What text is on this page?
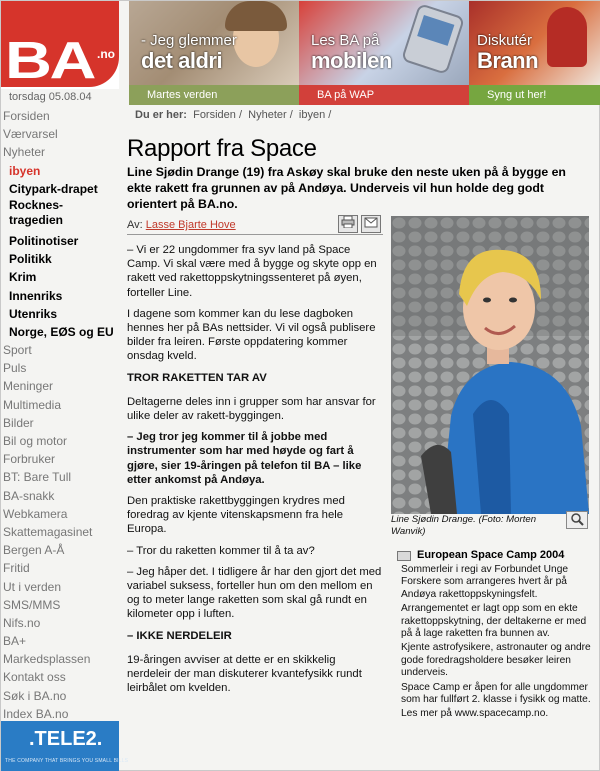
BA .no
torsdag 05.08.04
- Jeg glemmer
det aldri
Martes verden
Les BA på
mobilen
BA på WAP
Diskutér
Brann
Syng ut her!
Forsiden
Værvarsel
Nyheter
ibyen
Citypark-drapet
Rocknes-tragedien
Politinotiser
Politikk
Krim
Innenriks
Utenriks
Norge, EØS og EU
Sport
Puls
Meninger
Multimedia
Bilder
Bil og motor
Forbruker
BT: Bare Tull
BA-snakk
Webkamera
Skattemagasinet
Bergen A-Å
Fritid
Ut i verden
SMS/MMS
Nifs.no
BA+
Markedsplassen
Kontakt oss
Søk i BA.no
Index BA.no
.TELE2.
THE COMPANY THAT BRINGS YOU SMALL BILLS
Du er her: Forsiden / Nyheter / ibyen /
Rapport fra Space
Line Sjødin Drange (19) fra Askøy skal bruke den neste uken på å bygge en ekte rakett fra grunnen av på Andøya. Underveis vil hun holde deg godt orientert på BA.no.
Av: Lasse Bjarte Hove

– Vi er 22 ungdommer fra syv land på Space Camp. Vi skal være med å bygge og skyte opp en rakett ved rakettoppskytningssenteret på øyen, forteller Line.

I dagene som kommer kan du lese dagboken hennes her på BAs nettsider. Vi vil også publisere bilder fra leiren. Første oppdatering kommer onsdag kveld.

TROR RAKETTEN TAR AV

Deltagerne deles inn i grupper som har ansvar for ulike deler av rakett-byggingen.

– Jeg tror jeg kommer til å jobbe med instrumenter som har med høyde og fart å gjøre, sier 19-åringen på telefon til BA – like etter ankomst på Andøya.

Den praktiske rakettbyggingen krydres med foredrag av kjente vitenskapsmenn fra hele Europa.

– Tror du raketten kommer til å ta av?

– Jeg håper det. I tidligere år har den gjort det med variabel suksess, forteller hun om den mellom en og to meter lange raketten som skal gå rundt en kilometer opp i luften.

– IKKE NERDELEIR

19-åringen avviser at dette er en skikkelig nerdeleir der man diskuterer kvantefysikk rundt leirbålet om kvelden.

Line Sjødin Drange. (Foto: Morten Wanvik)
European Space Camp 2004

Sommerleir i regi av Forbundet Unge Forskere som arrangeres hvert år på Andøya rakettoppskyningsfelt.

Arrangementet er lagt opp som en ekte rakettoppskytning, der deltakerne er med på å lage raketten fra bunnen av.

Kjente astrofysikere, astronauter og andre gode foredragsholdere besøker leiren underveis.

Space Camp er åpen for alle ungdommer som har fullført 2. klasse i fysikk og matte.

Les mer på www.spacecamp.no.
